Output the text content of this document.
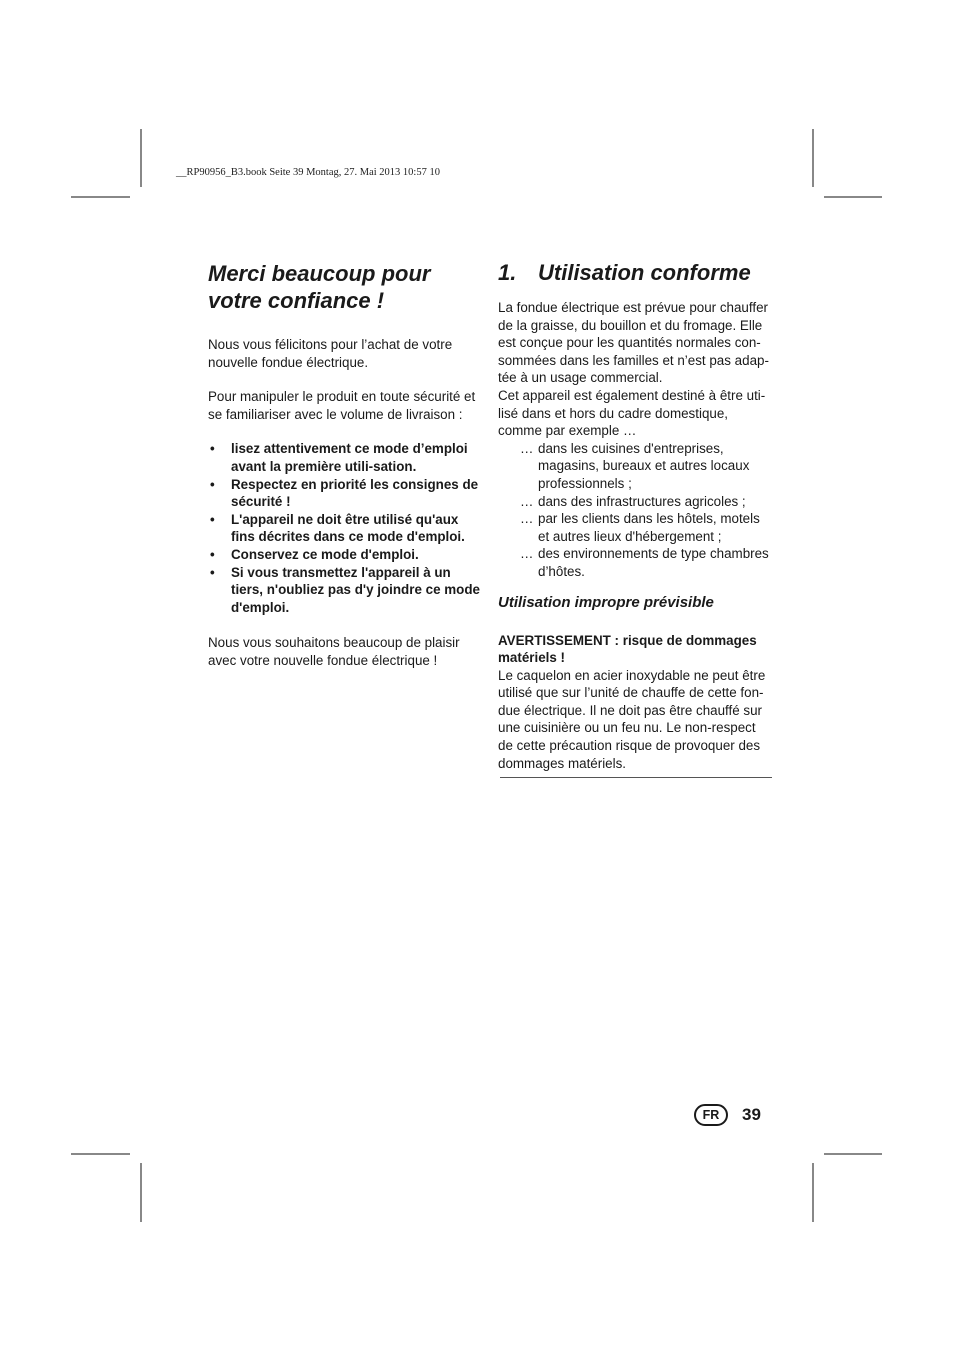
__RP90956_B3.book Seite 39 Montag, 27. Mai 2013 10:57 10
Merci beaucoup pour votre confiance !

Nous vous félicitons pour l’achat de votre nouvelle fondue électrique.

Pour manipuler le produit en toute sécurité et se familiariser avec le volume de livraison :

• lisez attentivement ce mode d’emploi avant la première utili-sation.
• Respectez en priorité les consignes de sécurité !
• L'appareil ne doit être utilisé qu'aux fins décrites dans ce mode d'emploi.
• Conservez ce mode d'emploi.
• Si vous transmettez l'appareil à un tiers, n'oubliez pas d'y joindre ce mode d'emploi.

Nous vous souhaitons beaucoup de plaisir avec votre nouvelle fondue électrique !

1. Utilisation conforme

La fondue électrique est prévue pour chauffer de la graisse, du bouillon et du fromage. Elle est conçue pour les quantités normales con-sommées dans les familles et n’est pas adap-tée à un usage commercial.

Cet appareil est également destiné à être uti-lisé dans et hors du cadre domestique, comme par exemple …

… dans les cuisines d'entreprises, magasins, bureaux et autres locaux professionnels ;
… dans des infrastructures agricoles ;
… par les clients dans les hôtels, motels et autres lieux d'hébergement ;
… des environnements de type chambres d’hôtes.
Utilisation impropre prévisible

AVERTISSEMENT : risque de dommages matériels !

Le caquelon en acier inoxydable ne peut être utilisé que sur l’unité de chauffe de cette fon-due électrique. Il ne doit pas être chauffé sur une cuisinière ou un feu nu. Le non-respect de cette précaution risque de provoquer des dommages matériels.

FR	39
